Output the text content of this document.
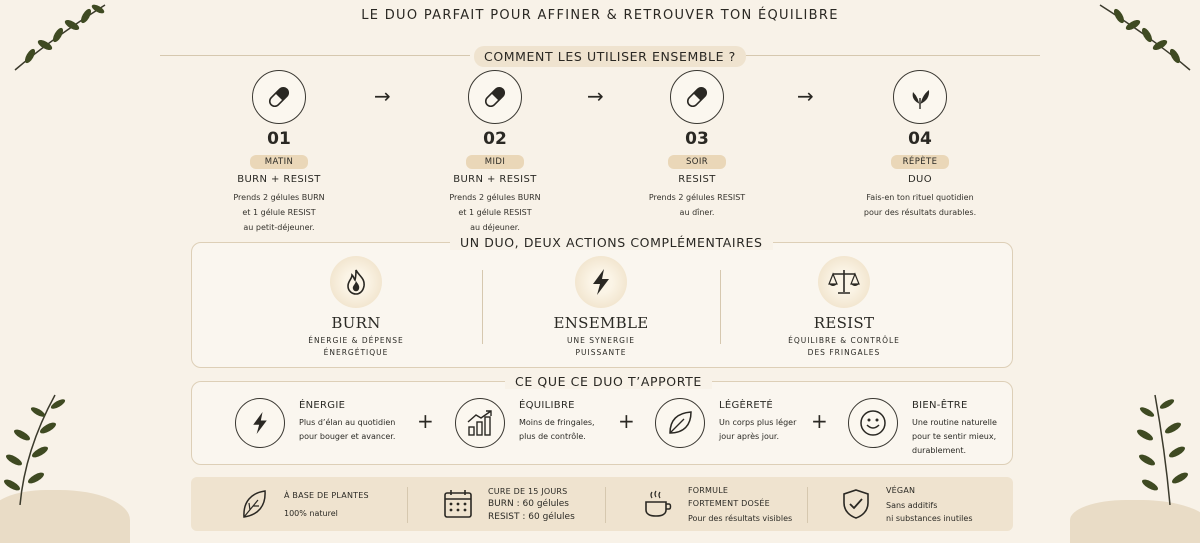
LE DUO PARFAIT POUR AFFINER & RETROUVER TON ÉQUILIBRE
COMMENT LES UTILISER ENSEMBLE ?
01
MATIN
BURN + RESIST
Prends 2 gélules BURN
et 1 gélule RESIST
au petit-déjeuner.
→
02
MIDI
BURN + RESIST
Prends 2 gélules BURN
et 1 gélule RESIST
au déjeuner.
→
03
SOIR
RESIST
Prends 2 gélules RESIST
au dîner.
→
04
RÉPÈTE
DUO
Fais-en ton rituel quotidien
pour des résultats durables.
UN DUO, DEUX ACTIONS COMPLÉMENTAIRES
BURN
ÉNERGIE & DÉPENSE
ÉNERGÉTIQUE
ENSEMBLE
UNE SYNERGIE
PUISSANTE
RESIST
ÉQUILIBRE & CONTRÔLE
DES FRINGALES
CE QUE CE DUO T’APPORTE
ÉNERGIE
Plus d’élan au quotidien
pour bouger et avancer.
+
ÉQUILIBRE
Moins de fringales,
plus de contrôle.
+
LÉGÈRETÉ
Un corps plus léger
jour après jour.
+
BIEN-ÊTRE
Une routine naturelle
pour te sentir mieux,
durablement.
À BASE DE PLANTES
100% naturel
CURE DE 15 JOURS
BURN : 60 gélules
RESIST : 60 gélules
FORMULE
FORTEMENT DOSÉE
Pour des résultats visibles
VÉGAN
Sans additifs
ni substances inutiles
